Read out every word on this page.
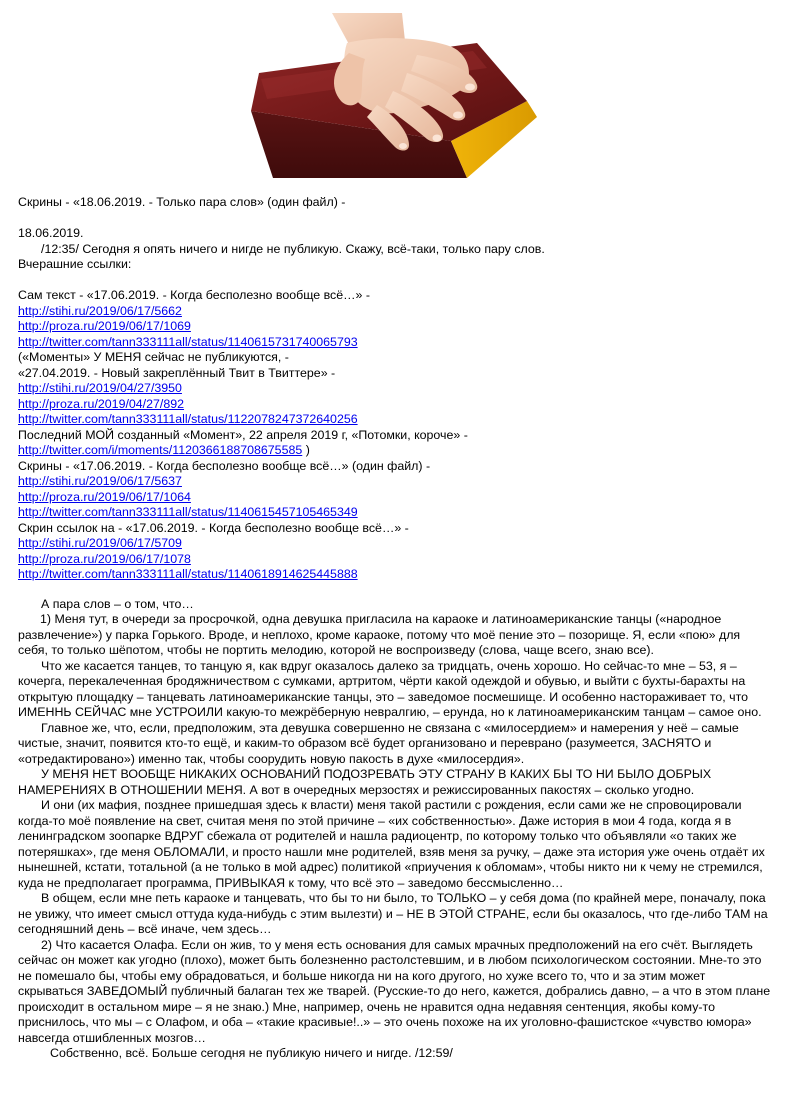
Скрины - «18.06.2019. - Только пара слов» (один файл) -
18.06.2019.
/12:35/ Сегодня я опять ничего и нигде не публикую. Скажу, всё-таки, только пару слов.
Вчерашние ссылки:
Сам текст - «17.06.2019. - Когда бесполезно вообще всё…» -
http://stihi.ru/2019/06/17/5662
http://proza.ru/2019/06/17/1069
http://twitter.com/tann333111all/status/1140615731740065793
(«Моменты» У МЕНЯ сейчас не публикуются, -
«27.04.2019. - Новый закреплённый Твит в Твиттере» -
http://stihi.ru/2019/04/27/3950
http://proza.ru/2019/04/27/892
http://twitter.com/tann333111all/status/1122078247372640256
Последний МОЙ созданный «Момент», 22 апреля 2019 г, «Потомки, короче» -
http://twitter.com/i/moments/1120366188708675585 )
Скрины - «17.06.2019. - Когда бесполезно вообще всё…» (один файл) -
http://stihi.ru/2019/06/17/5637
http://proza.ru/2019/06/17/1064
http://twitter.com/tann333111all/status/1140615457105465349
Скрин ссылок на - «17.06.2019. - Когда бесполезно вообще всё…» -
http://stihi.ru/2019/06/17/5709
http://proza.ru/2019/06/17/1078
http://twitter.com/tann333111all/status/1140618914625445888

А пара слов – о том, что…

1) Меня тут, в очереди за просрочкой, одна девушка пригласила на караоке и латиноамериканские танцы («народное развлечение») у парка Горького. Вроде, и неплохо, кроме караоке, потому что моё пение это – позорище. Я, если «пою» для себя, то только шёпотом, чтобы не портить мелодию, которой не воспроизведу (слова, чаще всего, знаю все).

Что же касается танцев, то танцую я, как вдруг оказалось далеко за тридцать, очень хорошо. Но сейчас-то мне – 53, я – кочерга, перекалеченная бродяжничеством с сумками, артритом, чёрти какой одеждой и обувью, и выйти с бухты-барахты на открытую площадку – танцевать латиноамериканские танцы, это – заведомое посмешище. И особенно настораживает то, что ИМЕННЬ СЕЙЧАС мне УСТРОИЛИ какую-то межрёберную невралгию, – ерунда, но к латиноамериканским танцам – самое оно.

Главное же, что, если, предположим, эта девушка совершенно не связана с «милосердием» и намерения у неё – самые чистые, значит, появится кто-то ещё, и каким-то образом всё будет организовано и переврано (разумеется, ЗАСНЯТО и «отредактировано») именно так, чтобы соорудить новую пакость в духе «милосердия».

У МЕНЯ НЕТ ВООБЩЕ НИКАКИХ ОСНОВАНИЙ ПОДОЗРЕВАТЬ ЭТУ СТРАНУ В КАКИХ БЫ ТО НИ БЫЛО ДОБРЫХ НАМЕРЕНИЯХ В ОТНОШЕНИИ МЕНЯ. А вот в очередных мерзостях и режиссированных пакостях – сколько угодно.

И они (их мафия, позднее пришедшая здесь к власти) меня такой растили с рождения, если сами же не спровоцировали когда-то моё появление на свет, считая меня по этой причине – «их собственностью». Даже история в мои 4 года, когда я в ленинградском зоопарке ВДРУГ сбежала от родителей и нашла радиоцентр, по которому только что объявляли «о таких же потеряшках», где меня ОБЛОМАЛИ, и просто нашли мне родителей, взяв меня за ручку, – даже эта история уже очень отдаёт их нынешней, кстати, тотальной (а не только в мой адрес) политикой «приучения к обломам», чтобы никто ни к чему не стремился, куда не предполагает программа, ПРИВЫКАЯ к тому, что всё это – заведомо бессмысленно…

В общем, если мне петь караоке и танцевать, что бы то ни было, то ТОЛЬКО – у себя дома (по крайней мере, поначалу, пока не увижу, что имеет смысл оттуда куда-нибудь с этим вылезти) и – НЕ В ЭТОЙ СТРАНЕ, если бы оказалось, что где-либо ТАМ на сегодняшний день – всё иначе, чем здесь…

2) Что касается Олафа. Если он жив, то у меня есть основания для самых мрачных предположений на его счёт. Выглядеть сейчас он может как угодно (плохо), может быть болезненно растолстевшим, и в любом психологическом состоянии. Мне-то это не помешало бы, чтобы ему обрадоваться, и больше никогда ни на кого другого, но хуже всего то, что и за этим может скрываться ЗАВЕДОМЫЙ публичный балаган тех же тварей. (Русские-то до него, кажется, добрались давно, – а что в этом плане происходит в остальном мире – я не знаю.) Мне, например, очень не нравится одна недавняя сентенция, якобы кому-то приснилось, что мы – с Олафом, и оба – «такие красивые!..» – это очень похоже на их уголовно-фашистское «чувство юмора» навсегда отшибленных мозгов…

Собственно, всё. Больше сегодня не публикую ничего и нигде. /12:59/
